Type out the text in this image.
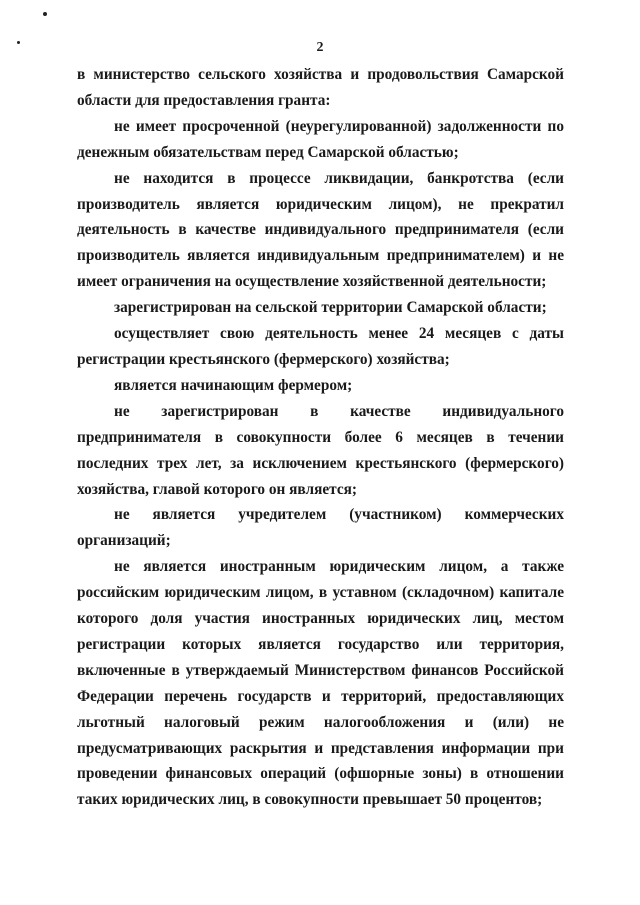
2

в министерство сельского хозяйства и продовольствия Самарской области для предоставления гранта:

не имеет просроченной (неурегулированной) задолженности по денежным обязательствам перед Самарской областью;

не находится в процессе ликвидации, банкротства (если производитель является юридическим лицом), не прекратил деятельность в качестве индивидуального предпринимателя (если производитель является индивидуальным предпринимателем) и не имеет ограничения на осуществление хозяйственной деятельности;

зарегистрирован на сельской территории Самарской области;

осуществляет свою деятельность менее 24 месяцев с даты регистрации крестьянского (фермерского) хозяйства;

является начинающим фермером;

не зарегистрирован в качестве индивидуального предпринимателя в совокупности более 6 месяцев в течении последних трех лет, за исключением крестьянского (фермерского) хозяйства, главой которого он является;

не является учредителем (участником) коммерческих организаций;

не является иностранным юридическим лицом, а также российским юридическим лицом, в уставном (складочном) капитале которого доля участия иностранных юридических лиц, местом регистрации которых является государство или территория, включенные в утверждаемый Министерством финансов Российской Федерации перечень государств и территорий, предоставляющих льготный налоговый режим налогообложения и (или) не предусматривающих раскрытия и представления информации при проведении финансовых операций (офшорные зоны) в отношении таких юридических лиц, в совокупности превышает 50 процентов;
